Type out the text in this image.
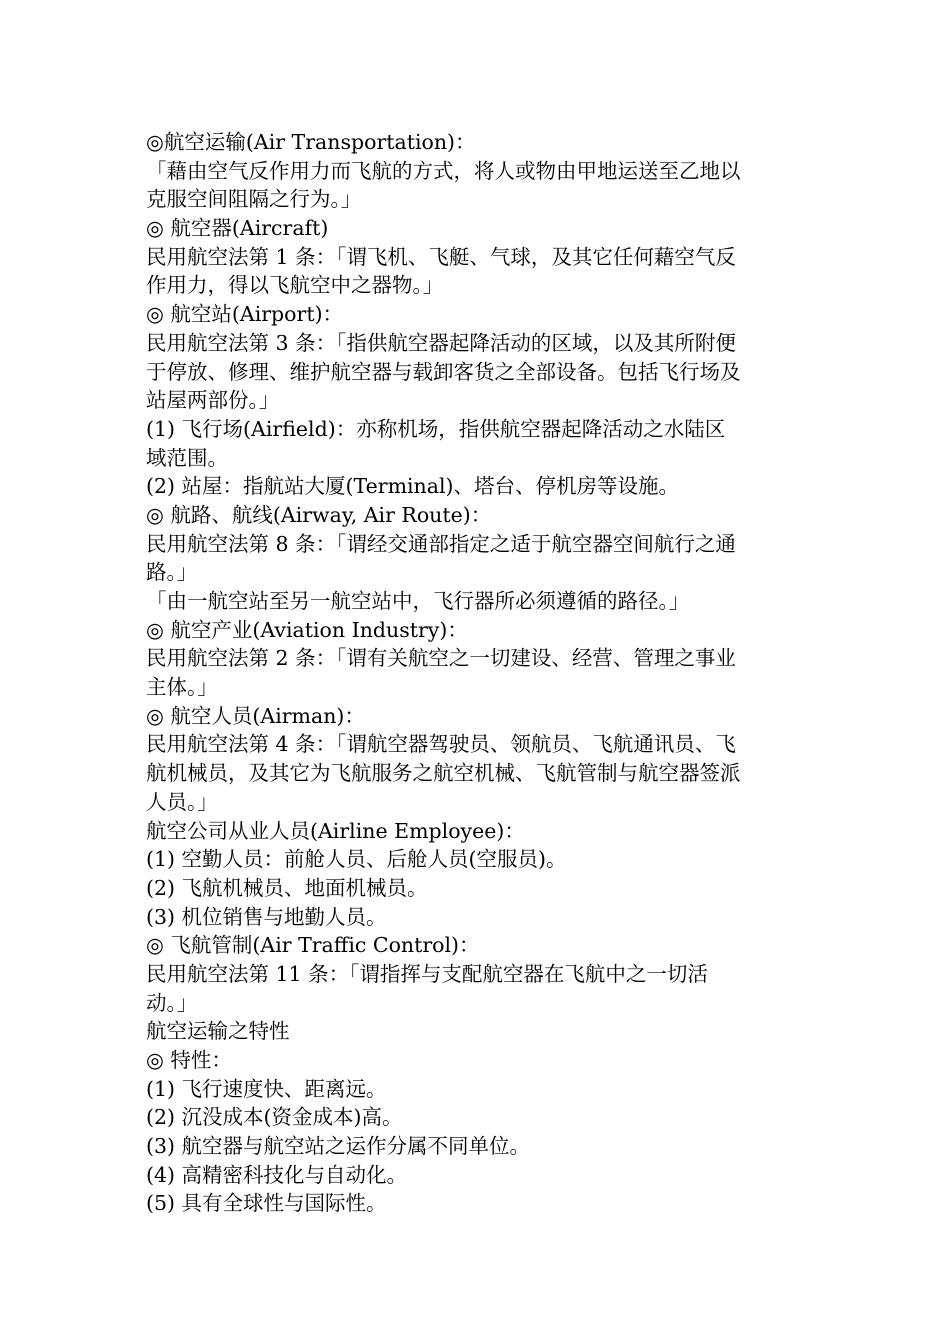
◎航空运输(Air Transportation)：
「藉由空气反作用力而飞航的方式，将人或物由甲地运送至乙地以
克服空间阻隔之行为。」
◎ 航空器(Aircraft)
民用航空法第 1 条：「谓飞机、飞艇、气球，及其它任何藉空气反
作用力，得以飞航空中之器物。」
◎ 航空站(Airport)：
民用航空法第 3 条：「指供航空器起降活动的区域，以及其所附便
于停放、修理、维护航空器与载卸客货之全部设备。包括飞行场及
站屋两部份。」
(1) 飞行场(Airfield)：亦称机场，指供航空器起降活动之水陆区
域范围。
(2) 站屋：指航站大厦(Terminal)、塔台、停机房等设施。
◎ 航路、航线(Airway, Air Route)：
民用航空法第 8 条：「谓经交通部指定之适于航空器空间航行之通
路。」
「由一航空站至另一航空站中，飞行器所必须遵循的路径。」
◎ 航空产业(Aviation Industry)：
民用航空法第 2 条：「谓有关航空之一切建设、经营、管理之事业
主体。」
◎ 航空人员(Airman)：
民用航空法第 4 条：「谓航空器驾驶员、领航员、飞航通讯员、飞
航机械员，及其它为飞航服务之航空机械、飞航管制与航空器签派
人员。」
航空公司从业人员(Airline Employee)：
(1) 空勤人员：前舱人员、后舱人员(空服员)。
(2) 飞航机械员、地面机械员。
(3) 机位销售与地勤人员。
◎ 飞航管制(Air Traffic Control)：
民用航空法第 11 条：「谓指挥与支配航空器在飞航中之一切活
动。」
航空运输之特性
◎ 特性：
(1) 飞行速度快、距离远。
(2) 沉没成本(资金成本)高。
(3) 航空器与航空站之运作分属不同单位。
(4) 高精密科技化与自动化。
(5) 具有全球性与国际性。
